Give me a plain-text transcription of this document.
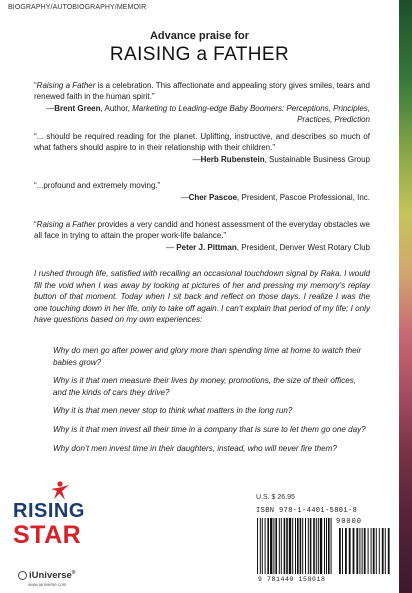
BIOGRAPHY/AUTOBIOGRAPHY/MEMOIR
Advance praise for
RAISING a FATHER

“Raising a Father is a celebration. This affectionate and appealing story gives smiles, tears and renewed faith in the human spirit.”

—Brent Green, Author, Marketing to Leading-edge Baby Boomers: Perceptions, Principles, Practices, Prediction

“... should be required reading for the planet. Uplifting, instructive, and describes so much of what fathers should aspire to in their relationship with their children.”

—Herb Rubenstein, Sustainable Business Group

“...profound and extremely moving.”

—Cher Pascoe, President, Pascoe Professional, Inc.

“Raising a Father provides a very candid and honest assessment of the everyday obstacles we all face in trying to attain the proper work-life balance.”

— Peter J. Pittman, President, Denver West Rotary Club

I rushed through life, satisfied with recalling an occasional touchdown signal by Raka. I would fill the void when I was away by looking at pictures of her and pressing my memory’s replay button of that moment. Today when I sit back and reflect on those days, I realize I was the one touching down in her life, only to take off again. I can’t explain that period of my life; I only have questions based on my own experiences:
Why do men go after power and glory more than spending time at home to watch their babies grow?
Why is it that men measure their lives by money, promotions, the size of their offices, and the kinds of cars they drive?
Why it is that men never stop to think what matters in the long run?
Why is it that men invest all their time in a company that is sure to let them go one day?
Why don’t men invest time in their daughters, instead, who will never fire them?
RISING
STAR
iUniverse®
www.iuniverse.com
U.S. $ 26.95
ISBN 978-1-4401-5801-8
90000
9 781440 158018
